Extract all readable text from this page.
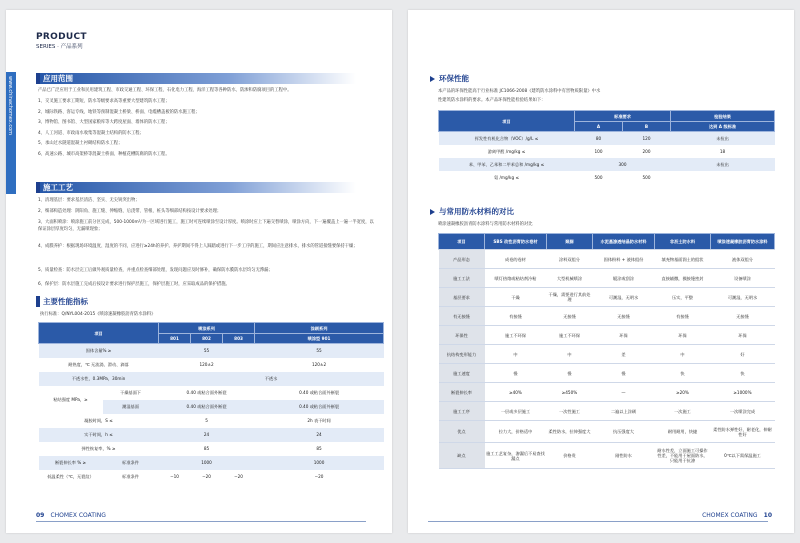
PRODUCT
SERIES · 产品系列
www.chinachomex.com	应用范围
产品已广泛应用于工业和民用建筑工程、市政交通工程、环保工程、石化电力工程、海洋工程等各种防水、防渗和防腐项目的工程中。
1、交叉施工要求工期短、防水等级要求高等重要大型建筑防水工程；
2、城际铁路、客运专线、地铁等预制混凝土桥梁、桥面、电缆槽盖板的防水施工程；
3、博物馆、图书馆、大型国家粮库等大跨度屋面、墙体的防水工程；
4、人工河道、市政雨水收集等混凝土结构的防水工程；
5、承山过水隧道混凝土衬砌结构防水工程；
6、高速公路、城市高架桥等混凝土桥面、种植花槽防腐的防水工程。
施工工艺
1、清理基层：要求基层清洁、坚实、无尖锐突出物；
2、细部构造处理：阴阳角、施工缝、伸缩缝、后浇带、管根、桩头等细部结构按设计要求处理；
3、大面积喷涂：喷涂施工前分区完成，500-1000m²/为一区域进行施工，施工时可连续喷涂至设计厚度。喷涂时应上下遍交替喷涂，喷涂方向，下一遍覆盖上一遍一半宽度，以保证涂层厚度均匀，无漏喷现象；
4、成膜养护：根据现场环境温度、湿度的不同，应进行≥24h的养护。养护期间不得上人踩踏或进行下一步工序的施工，期间应注意排水，排水的管道接缝要保持干燥；
5、质量检查：防水层完工后做外观质量检查，并重点检查细部处理，发现问题应及时修补，确保防水膜防水层均匀无滲漏；
6、保护层：防水层施工完成后按设计要求进行保护层施工，保护层施工时，应采取成品的保护措施。
主要性能指标
执行标准：Q/NYL004-2015《喷涂速凝橡胶沥青防水涂料》
项目		喷涂系列			涂刷系列
		801	802	803	喷涂型 901
固体含量% ≥		55			55
耐热度，℃ 无流淌、滑动、滴落		120±2			120±2
不透水性，0.3MPa，30min		不透水			
粘结强度 MPa，≥	干燥基面下	0.40 或粘合面外断裂			0.40 或粘合面外断裂
	潮湿基面	0.40 或粘合面外断裂			0.40 或粘合面外断裂
凝胶时间，S ≤		5			2h 表干时间
实干时间，h ≤		24			24
弹性恢复率，% ≥		85			85
断裂伸长率 % ≥	标准条件	1000			1000
低温柔性（℃，无裂纹）	标准条件	−10	−20	−20	−20
09 CHOMEX COATING
环保性能
本产品的环保性能高于行业标准 JC1066-2008《建筑防水涂料中有害物质限量》中水
性建筑防水涂料的要求。本产品环保性能检验结果如下：
项目	标准要求		检验结果
	A	B	达到 A 级标准
挥发性有机化合物（VOC）/g/L ≤	80	120	未检出
游离甲醛 /mg/kg ≤	100	200	18
苯、甲苯、乙苯和二甲苯总和 /mg/kg ≤	300		未检出
氨 /mg/kg ≤	500	500	
与常用防水材料的对比
喷涂速凝橡胶沥青防水涂料与常用防水材料的对比
项目	SBS 改性沥青防水卷材	聚脲	水泥基渗透结晶防水材料	非沥土防水料	喷涂速凝橡胶沥青防水涂料
产品形态	成卷的卷材	涂料双组分	固体粉料 + 液体组份	填充物基面润土的组状	液体双组分
施工工法	喷灯热熔或粘结剂冷粘	大型机械喷涂	辊涂或刮涂	直接辅撒，摸接缝密封	设备喷涂
基层要求	干燥	干燥，需要进行其前处理	可潮湿，无明水	压实，平整	可潮湿，无明水
有无接缝	有接缝	无接缝	无接缝	有接缝	无接缝
环保性	施工不环保	施工不环保	环保	环保	环保
抗结构变形能力	中	中	差	中	好
施工速度	慢	慢	慢	快	快
断裂伸长率	≥40%	≥450%	—	≥20%	≥1000%
施工工序	一层或多层施工	一次性施工	二遍以上涂刷	一次施工	一次喷涂完成
优点	拉力大，价格适中	柔性防水，拉伸强度大	抗压强度大	耐用耐用，快捷	柔性防水弹性好，耐老化，伸耐性好
缺点	施工工艺复杂，渗漏后不易查找漏点	价格贵	刚性防水	耐水性差，立面施工可操作性差，不能用于屋面防水，只能用于抗渗	0℃以下需保温施工
CHOMEX COATING 10
